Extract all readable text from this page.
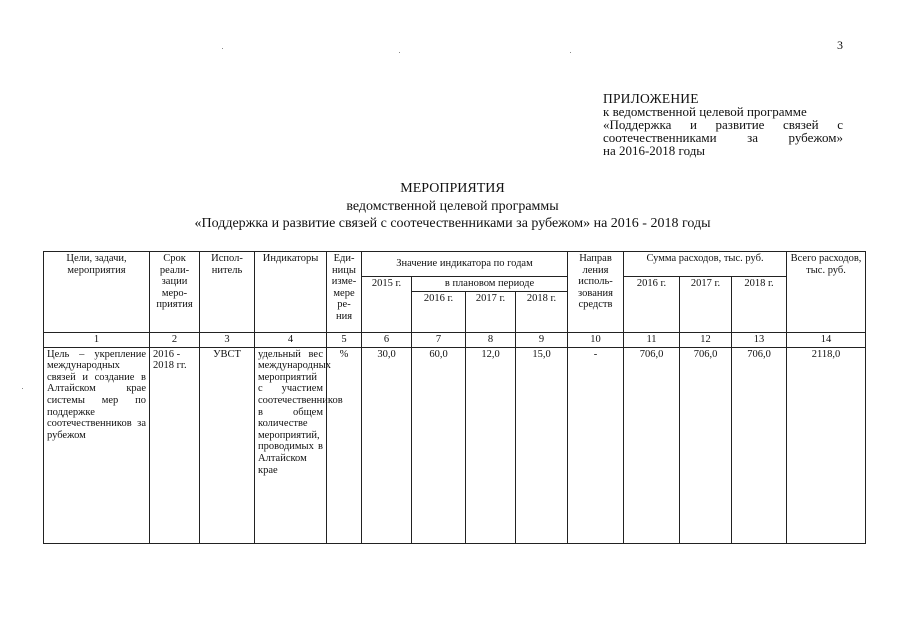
3
ПРИЛОЖЕНИЕ
к ведомственной целевой программе
«Поддержка и развитие связей с
соотечественниками за рубежом»
на 2016-2018 годы
МЕРОПРИЯТИЯ
ведомственной целевой программы
«Поддержка и развитие связей с соотечественниками за рубежом» на 2016 - 2018 годы
Цели, задачи, мероприятия	Срок реали-зации меро-приятия	Испол-нитель	Индикаторы	Еди-ницы изме-мере ре-ния	Значение индикатора по годам				Направ ления исполь-зования средств	Сумма расходов, тыс. руб.			Всего расходов, тыс. руб.
					2015 г.	в плановом периоде				2016 г.	2017 г.	2018 г.	
						2016 г.	2017 г.	2018 г.					
1	2	3	4	5	6	7	8	9	10	11	12	13	14
Цель – укрепление международных связей и создание в Алтайском крае системы мер по поддержке соотечественников за рубежом	2016 - 2018 гг.	УВСТ	удельный вес международных мероприятий с участием соотечественников в общем количестве мероприятий, проводимых в Алтайском крае	%	30,0	60,0	12,0	15,0	-	706,0	706,0	706,0	2118,0
